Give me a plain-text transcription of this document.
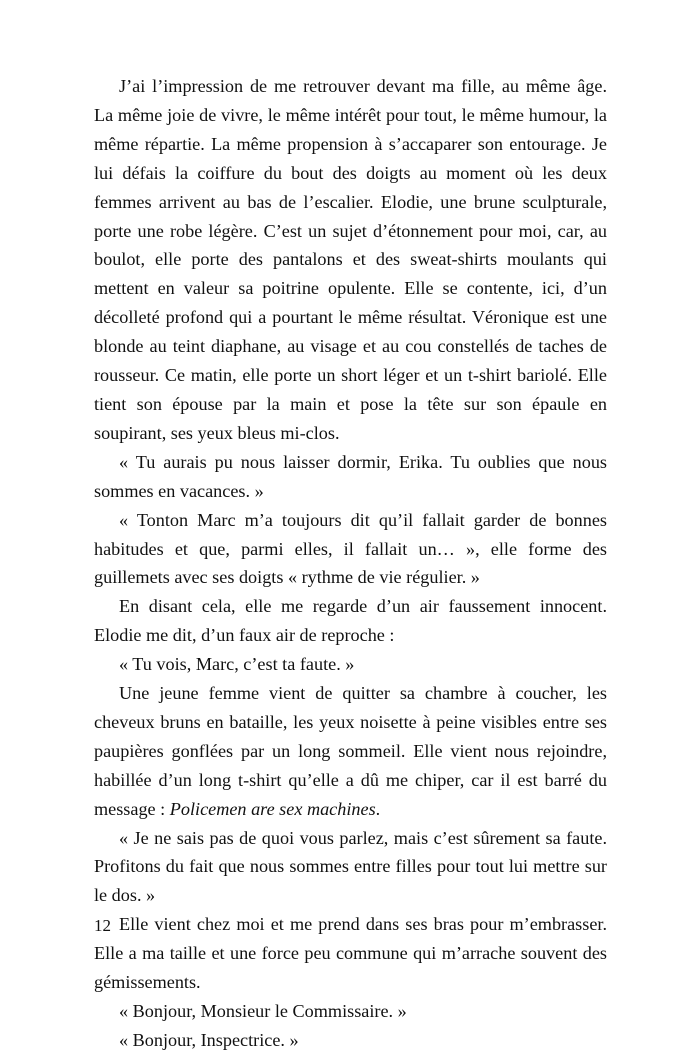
J’ai l’impression de me retrouver devant ma fille, au même âge. La même joie de vivre, le même intérêt pour tout, le même humour, la même répartie. La même propension à s’accaparer son entourage. Je lui défais la coiffure du bout des doigts au moment où les deux femmes arrivent au bas de l’escalier. Elodie, une brune sculpturale, porte une robe légère. C’est un sujet d’étonnement pour moi, car, au boulot, elle porte des pantalons et des sweat-shirts moulants qui mettent en valeur sa poitrine opulente. Elle se contente, ici, d’un décolleté profond qui a pourtant le même résultat. Véronique est une blonde au teint diaphane, au visage et au cou constellés de taches de rousseur. Ce matin, elle porte un short léger et un t-shirt bariolé. Elle tient son épouse par la main et pose la tête sur son épaule en soupirant, ses yeux bleus mi-clos.

« Tu aurais pu nous laisser dormir, Erika. Tu oublies que nous sommes en vacances. »

« Tonton Marc m’a toujours dit qu’il fallait garder de bonnes habitudes et que, parmi elles, il fallait un… », elle forme des guillemets avec ses doigts « rythme de vie régulier. »

En disant cela, elle me regarde d’un air faussement innocent. Elodie me dit, d’un faux air de reproche :

« Tu vois, Marc, c’est ta faute. »

Une jeune femme vient de quitter sa chambre à coucher, les cheveux bruns en bataille, les yeux noisette à peine visibles entre ses paupières gonflées par un long sommeil. Elle vient nous rejoindre, habillée d’un long t-shirt qu’elle a dû me chiper, car il est barré du message : Policemen are sex machines.

« Je ne sais pas de quoi vous parlez, mais c’est sûrement sa faute. Profitons du fait que nous sommes entre filles pour tout lui mettre sur le dos. »

Elle vient chez moi et me prend dans ses bras pour m’embrasser. Elle a ma taille et une force peu commune qui m’arrache souvent des gémissements.

« Bonjour, Monsieur le Commissaire. »

« Bonjour, Inspectrice. »

12
